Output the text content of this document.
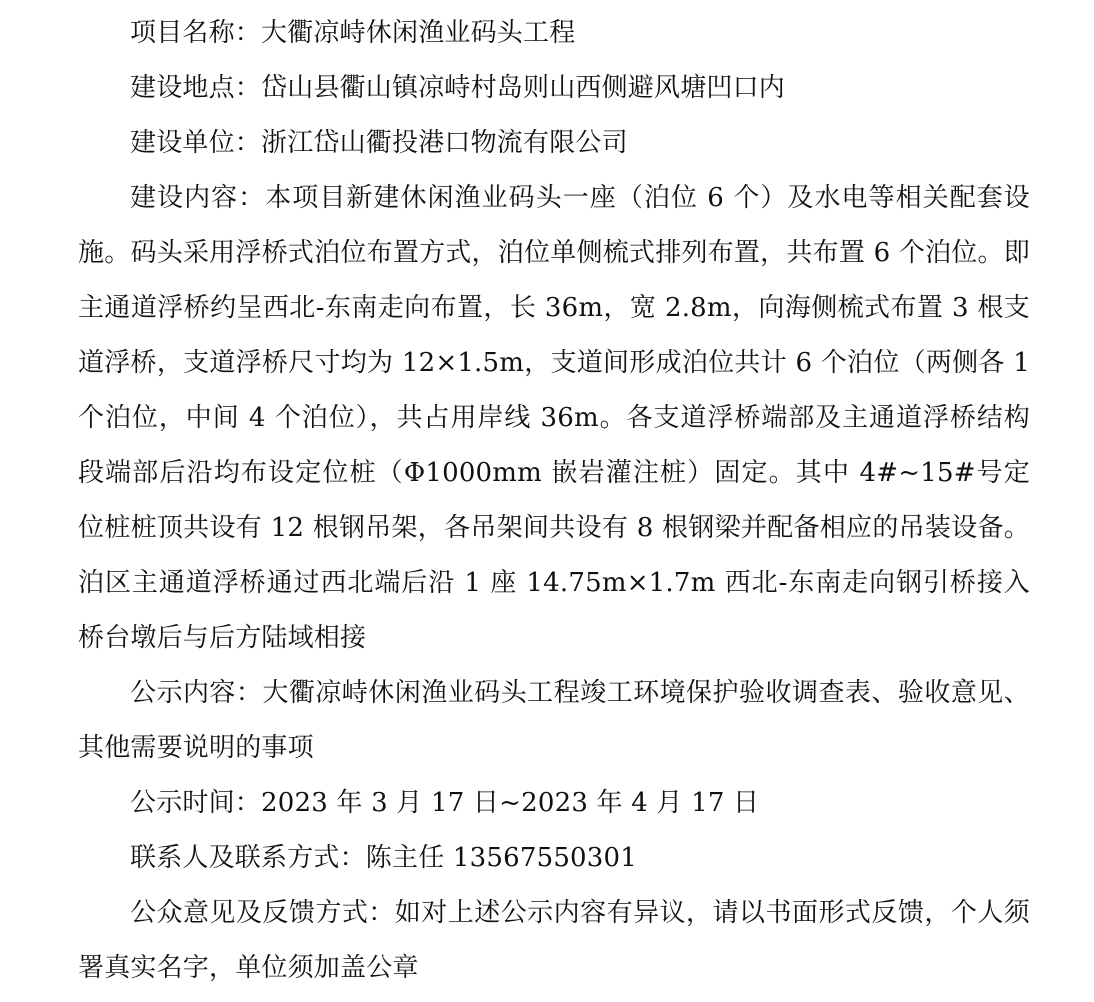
项目名称：大衢凉峙休闲渔业码头工程

建设地点：岱山县衢山镇凉峙村岛则山西侧避风塘凹口内

建设单位：浙江岱山衢投港口物流有限公司

建设内容：本项目新建休闲渔业码头一座（泊位 6 个）及水电等相关配套设施。码头采用浮桥式泊位布置方式，泊位单侧梳式排列布置，共布置 6 个泊位。即主通道浮桥约呈西北-东南走向布置，长 36m，宽 2.8m，向海侧梳式布置 3 根支道浮桥，支道浮桥尺寸均为 12×1.5m，支道间形成泊位共计 6 个泊位（两侧各 1 个泊位，中间 4 个泊位），共占用岸线 36m。各支道浮桥端部及主通道浮桥结构段端部后沿均布设定位桩（Φ1000mm 嵌岩灌注桩）固定。其中 4#~15#号定位桩桩顶共设有 12 根钢吊架，各吊架间共设有 8 根钢梁并配备相应的吊装设备。泊区主通道浮桥通过西北端后沿 1 座 14.75m×1.7m 西北-东南走向钢引桥接入桥台墩后与后方陆域相接

公示内容：大衢凉峙休闲渔业码头工程竣工环境保护验收调查表、验收意见、其他需要说明的事项

公示时间：2023 年 3 月 17 日~2023 年 4 月 17 日

联系人及联系方式：陈主任 13567550301

公众意见及反馈方式：如对上述公示内容有异议，请以书面形式反馈，个人须署真实名字，单位须加盖公章
